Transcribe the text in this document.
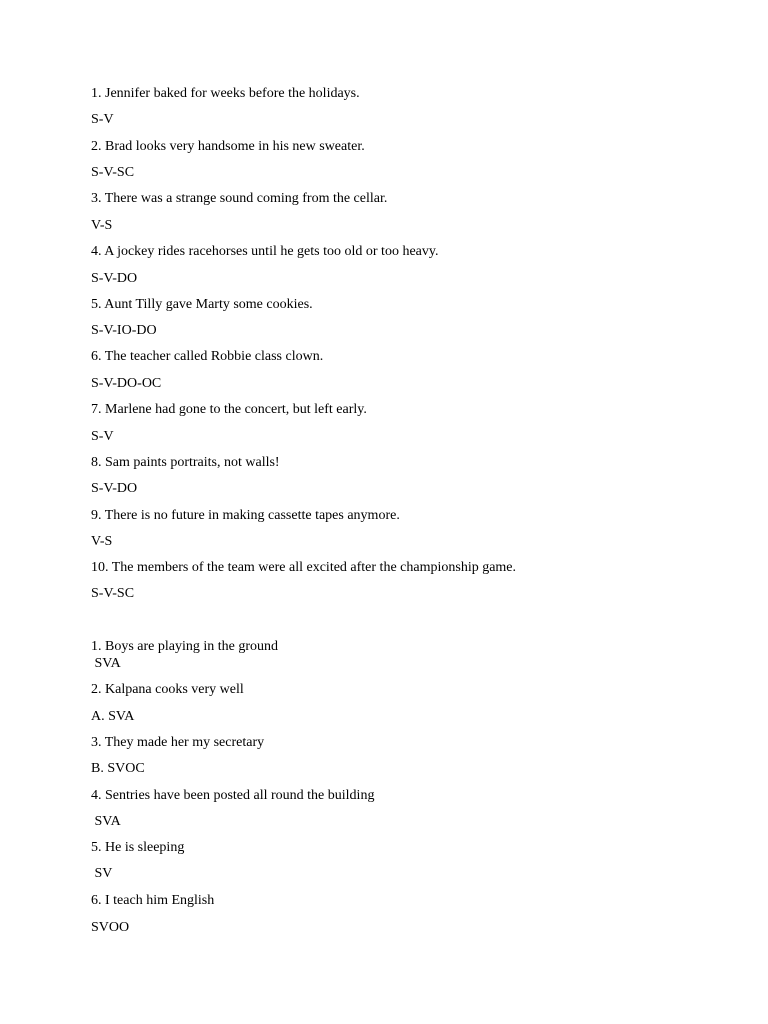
1. Jennifer baked for weeks before the holidays.
S-V
2. Brad looks very handsome in his new sweater.
S-V-SC
3. There was a strange sound coming from the cellar.
V-S
4. A jockey rides racehorses until he gets too old or too heavy.
S-V-DO
5. Aunt Tilly gave Marty some cookies.
S-V-IO-DO
6. The teacher called Robbie class clown.
S-V-DO-OC
7. Marlene had gone to the concert, but left early.
S-V
8. Sam paints portraits, not walls!
S-V-DO
9. There is no future in making cassette tapes anymore.
V-S
10. The members of the team were all excited after the championship game.
S-V-SC
1. Boys are playing in the ground
SVA
2. Kalpana cooks very well
A. SVA
3. They made her my secretary
B. SVOC
4. Sentries have been posted all round the building
SVA
5. He is sleeping
SV
6. I teach him English
SVOO
